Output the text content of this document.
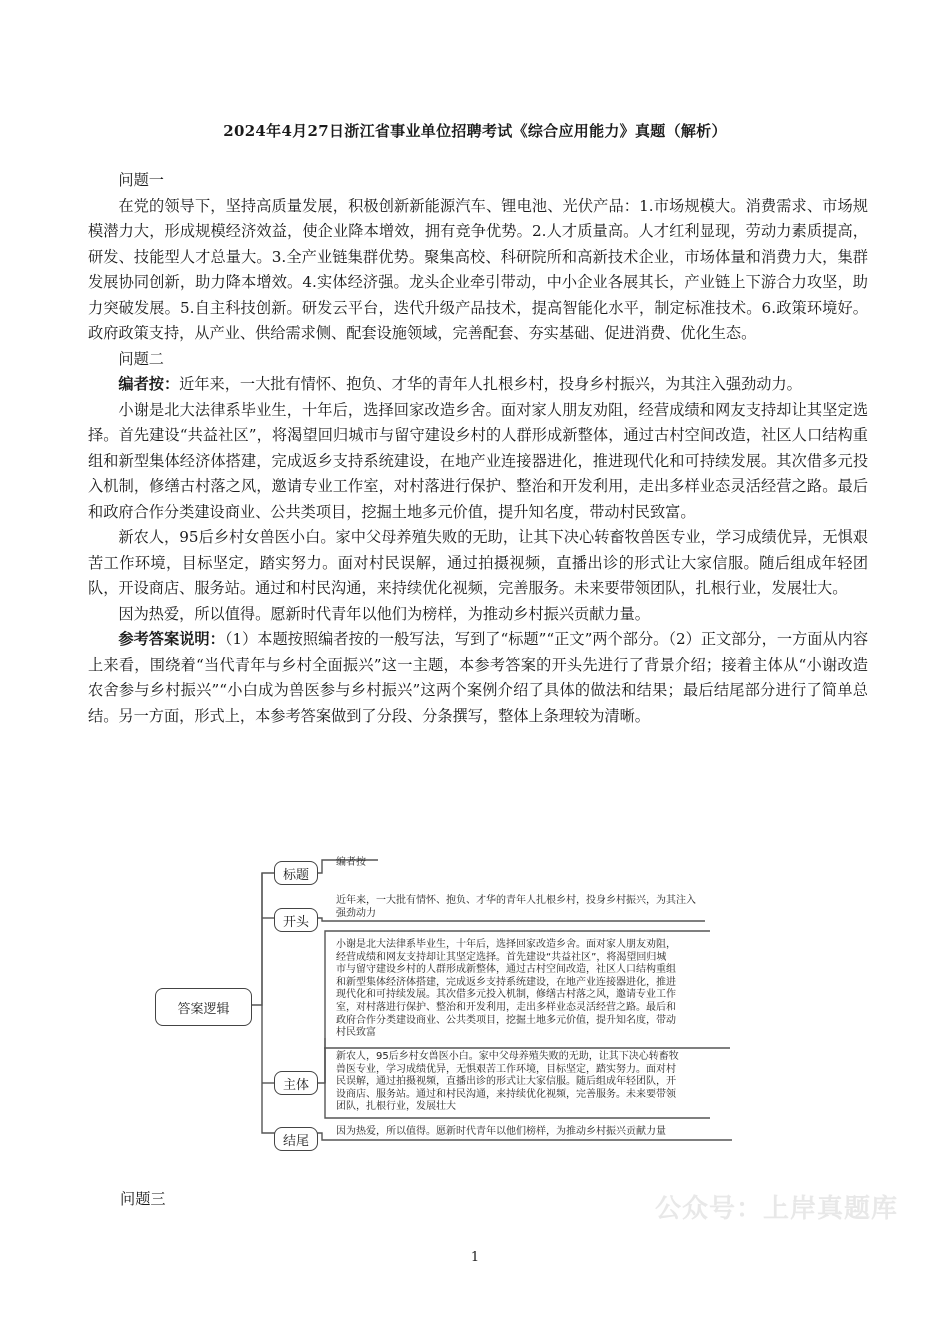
2024年4月27日浙江省事业单位招聘考试《综合应用能力》真题（解析）

问题一

在党的领导下，坚持高质量发展，积极创新新能源汽车、锂电池、光伏产品：1.市场规模大。消费需求、市场规模潜力大，形成规模经济效益，使企业降本增效，拥有竞争优势。2.人才质量高。人才红利显现，劳动力素质提高，研发、技能型人才总量大。3.全产业链集群优势。聚集高校、科研院所和高新技术企业，市场体量和消费力大，集群发展协同创新，助力降本增效。4.实体经济强。龙头企业牵引带动，中小企业各展其长，产业链上下游合力攻坚，助力突破发展。5.自主科技创新。研发云平台，迭代升级产品技术，提高智能化水平，制定标准技术。6.政策环境好。政府政策支持，从产业、供给需求侧、配套设施领域，完善配套、夯实基础、促进消费、优化生态。

问题二

编者按：近年来，一大批有情怀、抱负、才华的青年人扎根乡村，投身乡村振兴，为其注入强劲动力。

小谢是北大法律系毕业生，十年后，选择回家改造乡舍。面对家人朋友劝阻，经营成绩和网友支持却让其坚定选择。首先建设“共益社区”，将渴望回归城市与留守建设乡村的人群形成新整体，通过古村空间改造，社区人口结构重组和新型集体经济体搭建，完成返乡支持系统建设，在地产业连接器进化，推进现代化和可持续发展。其次借多元投入机制，修缮古村落之风，邀请专业工作室，对村落进行保护、整治和开发利用，走出多样业态灵活经营之路。最后和政府合作分类建设商业、公共类项目，挖掘土地多元价值，提升知名度，带动村民致富。

新农人，95后乡村女兽医小白。家中父母养殖失败的无助，让其下决心转畜牧兽医专业，学习成绩优异，无惧艰苦工作环境，目标坚定，踏实努力。面对村民误解，通过拍摄视频，直播出诊的形式让大家信服。随后组成年轻团队，开设商店、服务站。通过和村民沟通，来持续优化视频，完善服务。未来要带领团队，扎根行业，发展壮大。

因为热爱，所以值得。愿新时代青年以他们为榜样，为推动乡村振兴贡献力量。

参考答案说明：（1）本题按照编者按的一般写法，写到了“标题”“正文”两个部分。（2）正文部分，一方面从内容上来看，围绕着“当代青年与乡村全面振兴”这一主题，本参考答案的开头先进行了背景介绍；接着主体从“小谢改造农舍参与乡村振兴”“小白成为兽医参与乡村振兴”这两个案例介绍了具体的做法和结果；最后结尾部分进行了简单总结。另一方面，形式上，本参考答案做到了分段、分条撰写，整体上条理较为清晰。

答案逻辑
标题
开头
主体
结尾
编者按
近年来，一大批有情怀、抱负、才华的青年人扎根乡村，投身乡村振兴，为其注入强劲动力
小谢是北大法律系毕业生，十年后，选择回家改造乡舍。面对家人朋友劝阻，经营成绩和网友支持却让其坚定选择。首先建设“共益社区”，将渴望回归城市与留守建设乡村的人群形成新整体，通过古村空间改造，社区人口结构重组和新型集体经济体搭建，完成返乡支持系统建设，在地产业连接器进化，推进现代化和可持续发展。其次借多元投入机制，修缮古村落之风，邀请专业工作室，对村落进行保护、整治和开发利用，走出多样业态灵活经营之路。最后和政府合作分类建设商业、公共类项目，挖掘土地多元价值，提升知名度，带动村民致富
新农人，95后乡村女兽医小白。家中父母养殖失败的无助，让其下决心转畜牧兽医专业，学习成绩优异，无惧艰苦工作环境，目标坚定，踏实努力。面对村民误解，通过拍摄视频，直播出诊的形式让大家信服。随后组成年轻团队，开设商店、服务站。通过和村民沟通，来持续优化视频，完善服务。未来要带领团队，扎根行业，发展壮大
因为热爱，所以值得。愿新时代青年以他们榜样，为推动乡村振兴贡献力量
问题三	公众号：上岸真题库
1
